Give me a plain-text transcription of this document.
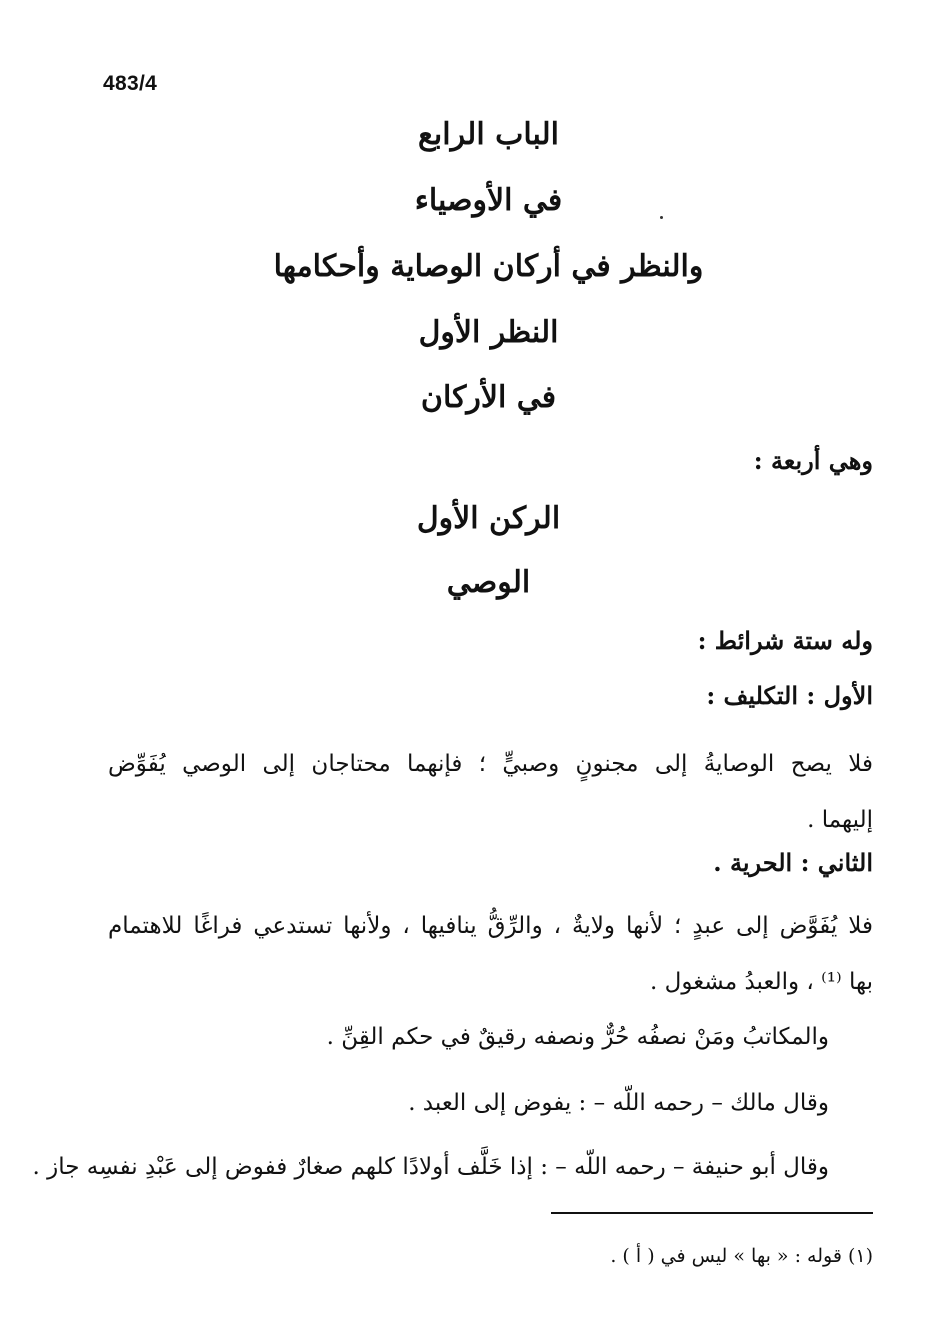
483/4
الباب الرابع
في الأوصياء
والنظر في أركان الوصاية وأحكامها
النظر الأول
في الأركان
وهي أربعة :
الركن الأول
الوصي
وله ستة شرائط :
الأول : التكليف :
فلا يصح الوصايةُ إلى مجنونٍ وصبيٍّ ؛ فإنهما محتاجان إلى الوصي يُفَوِّض
إليهما .
الثاني : الحرية .
فلا يُفَوَّض إلى عبدٍ ؛ لأنها ولايةٌ ، والرِّقُّ ينافيها ، ولأنها تستدعي فراغًا للاهتمام
بها ⁽¹⁾ ، والعبدُ مشغول .
والمكاتبُ ومَنْ نصفُه حُرٌّ ونصفه رقيقٌ في حكم القِنِّ .
وقال مالك – رحمه اللّه – : يفوض إلى العبد .
وقال أبو حنيفة – رحمه اللّه – : إذا خَلَّف أولادًا كلهم صغارٌ ففوض إلى عَبْدِ نفسِه جاز .
(١) قوله : « بها » ليس في ( أ ) .
